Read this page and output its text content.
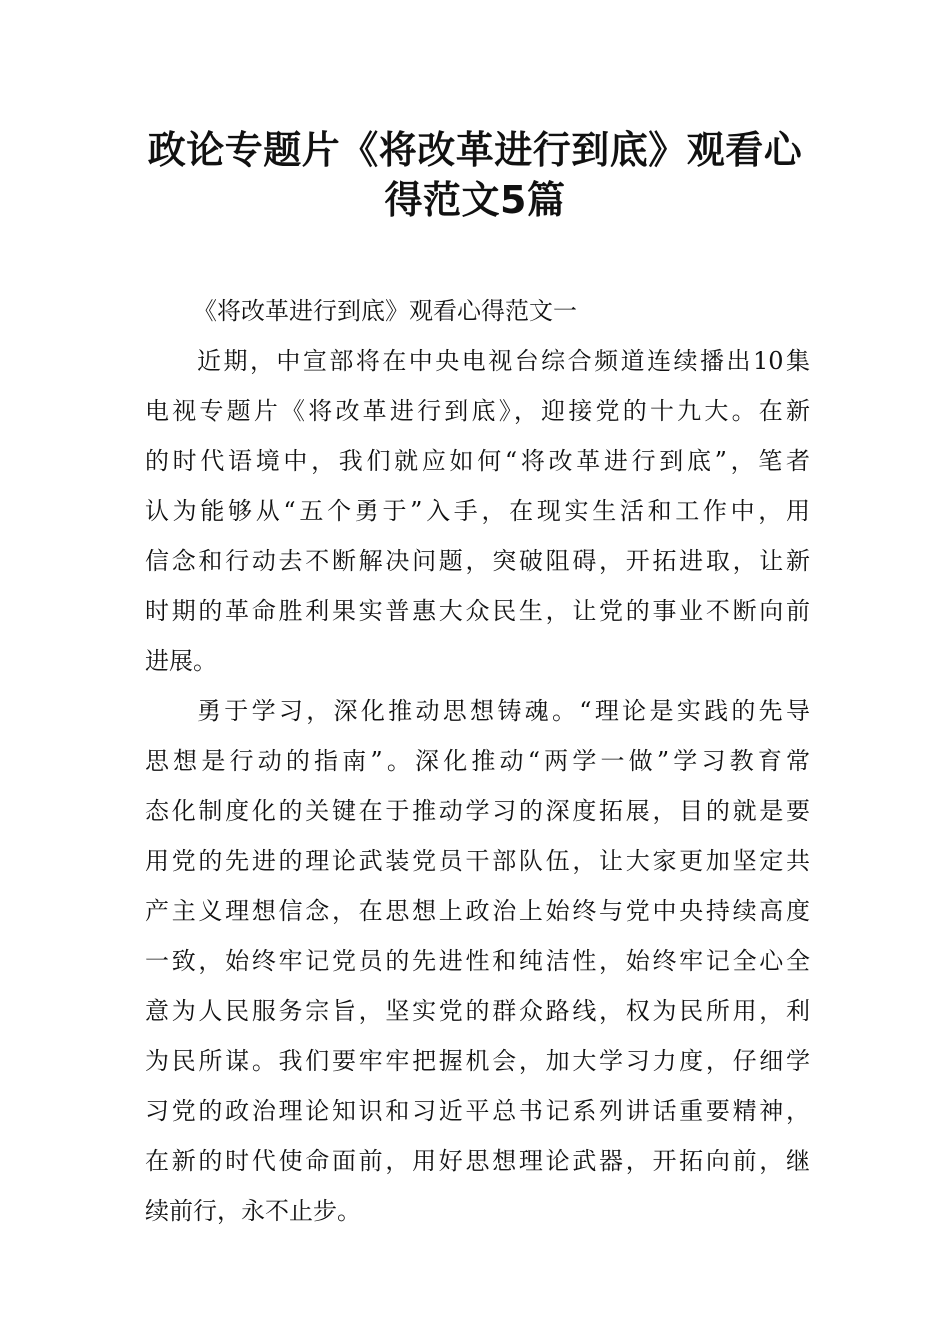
政论专题片《将改革进行到底》观看心
得范文5篇

《将改革进行到底》观看心得范文一

近期，中宣部将在中央电视台综合频道连续播出10集
电视专题片《将改革进行到底》，迎接党的十九大。在新
的时代语境中，我们就应如何“将改革进行到底”，笔者
认为能够从“五个勇于”入手，在现实生活和工作中，用
信念和行动去不断解决问题，突破阻碍，开拓进取，让新
时期的革命胜利果实普惠大众民生，让党的事业不断向前
进展。
勇于学习，深化推动思想铸魂。“理论是实践的先导
思想是行动的指南”。深化推动“两学一做”学习教育常
态化制度化的关键在于推动学习的深度拓展，目的就是要
用党的先进的理论武装党员干部队伍，让大家更加坚定共
产主义理想信念，在思想上政治上始终与党中央持续高度
一致，始终牢记党员的先进性和纯洁性，始终牢记全心全
意为人民服务宗旨，坚实党的群众路线，权为民所用，利
为民所谋。我们要牢牢把握机会，加大学习力度，仔细学
习党的政治理论知识和习近平总书记系列讲话重要精神，
在新的时代使命面前，用好思想理论武器，开拓向前，继
续前行，永不止步。
